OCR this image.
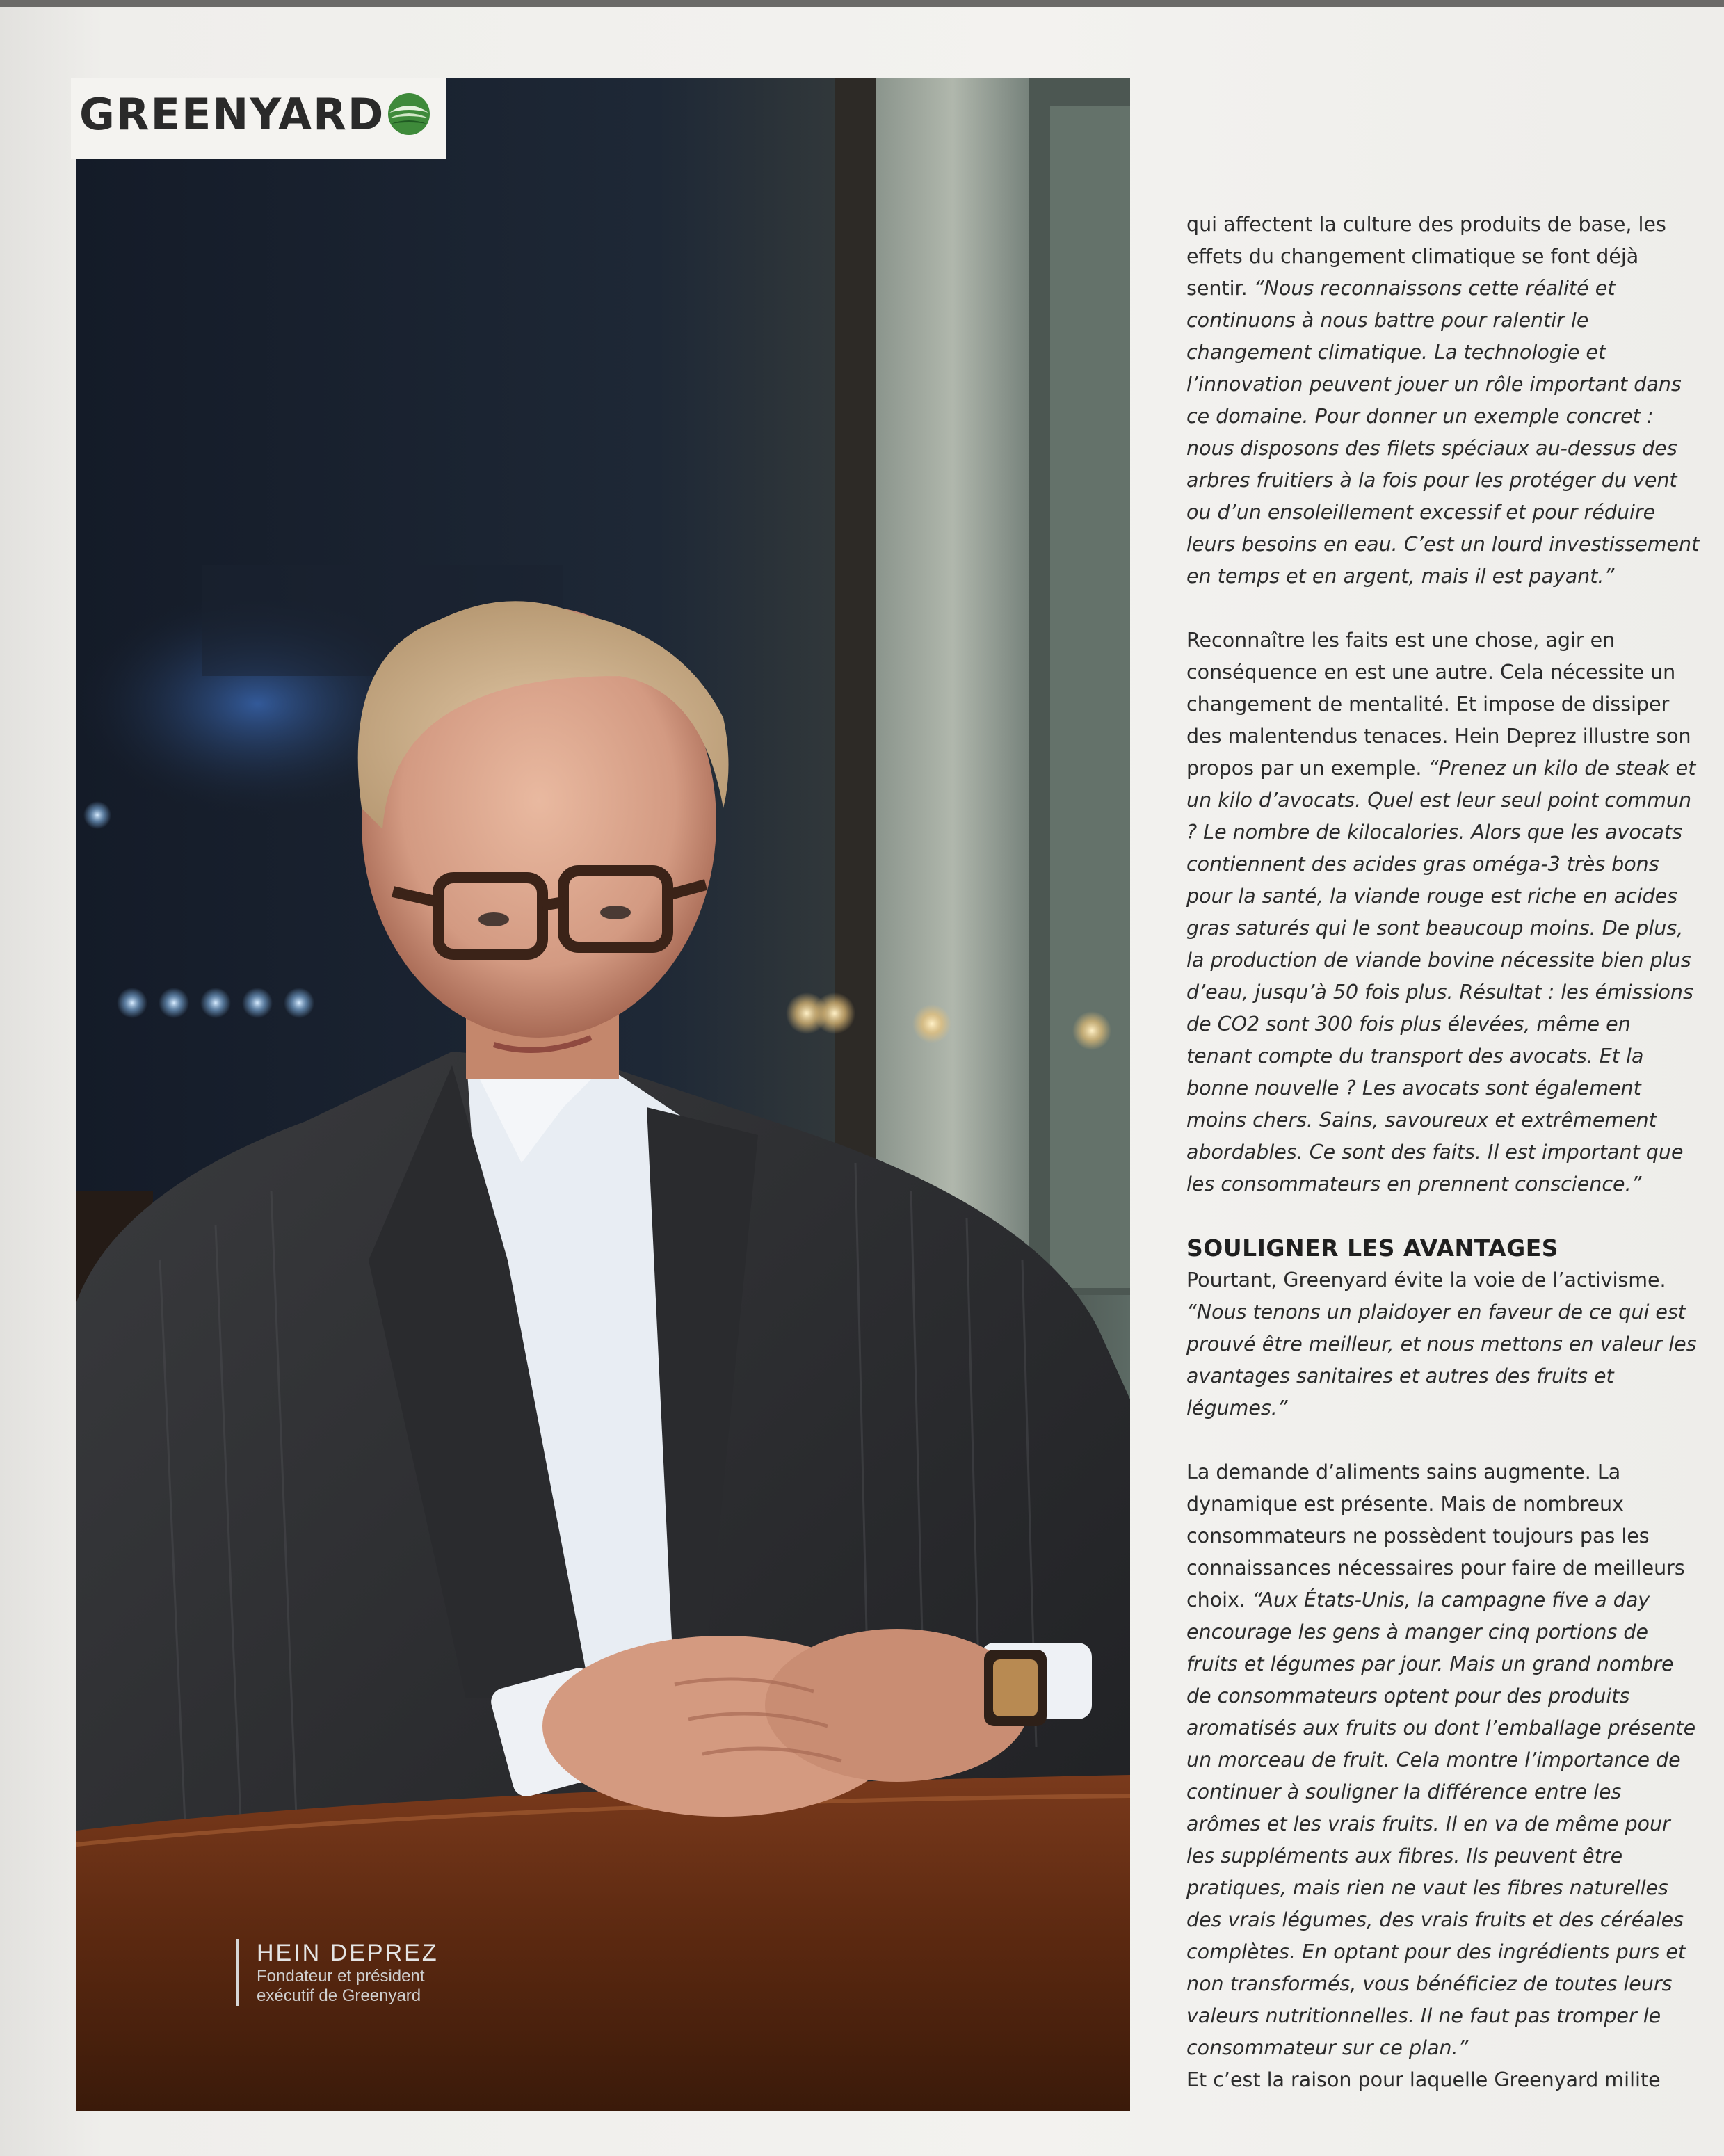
GREENYARD
HEIN DEPREZ
Fondateur et président
exécutif de Greenyard

qui affectent la culture des produits de base, les effets du changement climatique se font déjà sentir. “Nous reconnaissons cette réalité et continuons à nous battre pour ralentir le changement climatique. La technologie et l’innovation peuvent jouer un rôle important dans ce domaine. Pour donner un exemple concret : nous disposons des filets spéciaux au-dessus des arbres fruitiers à la fois pour les protéger du vent ou d’un ensoleillement excessif et pour réduire leurs besoins en eau. C’est un lourd investissement en temps et en argent, mais il est payant.”

Reconnaître les faits est une chose, agir en conséquence en est une autre. Cela nécessite un changement de mentalité. Et impose de dissiper des malentendus tenaces. Hein Deprez illustre son propos par un exemple. “Prenez un kilo de steak et un kilo d’avocats. Quel est leur seul point commun ? Le nombre de kilocalories. Alors que les avocats contiennent des acides gras oméga-3 très bons pour la santé, la viande rouge est riche en acides gras saturés qui le sont beaucoup moins. De plus, la production de viande bovine nécessite bien plus d’eau, jusqu’à 50 fois plus. Résultat : les émissions de CO2 sont 300 fois plus élevées, même en tenant compte du transport des avocats. Et la bonne nouvelle ? Les avocats sont également moins chers. Sains, savoureux et extrêmement abordables. Ce sont des faits. Il est important que les consommateurs en prennent conscience.”

SOULIGNER LES AVANTAGES

Pourtant, Greenyard évite la voie de l’activisme. “Nous tenons un plaidoyer en faveur de ce qui est prouvé être meilleur, et nous mettons en valeur les avantages sanitaires et autres des fruits et légumes.”

La demande d’aliments sains augmente. La dynamique est présente. Mais de nombreux consommateurs ne possèdent toujours pas les connaissances nécessaires pour faire de meilleurs choix. “Aux États-Unis, la campagne five a day encourage les gens à manger cinq portions de fruits et légumes par jour. Mais un grand nombre de consommateurs optent pour des produits aromatisés aux fruits ou dont l’emballage présente un morceau de fruit. Cela montre l’importance de continuer à souligner la différence entre les arômes et les vrais fruits. Il en va de même pour les suppléments aux fibres. Ils peuvent être pratiques, mais rien ne vaut les fibres naturelles des vrais légumes, des vrais fruits et des céréales complètes. En optant pour des ingrédients purs et non transformés, vous bénéficiez de toutes leurs valeurs nutritionnelles. Il ne faut pas tromper le consommateur sur ce plan.”

Et c’est la raison pour laquelle Greenyard milite
